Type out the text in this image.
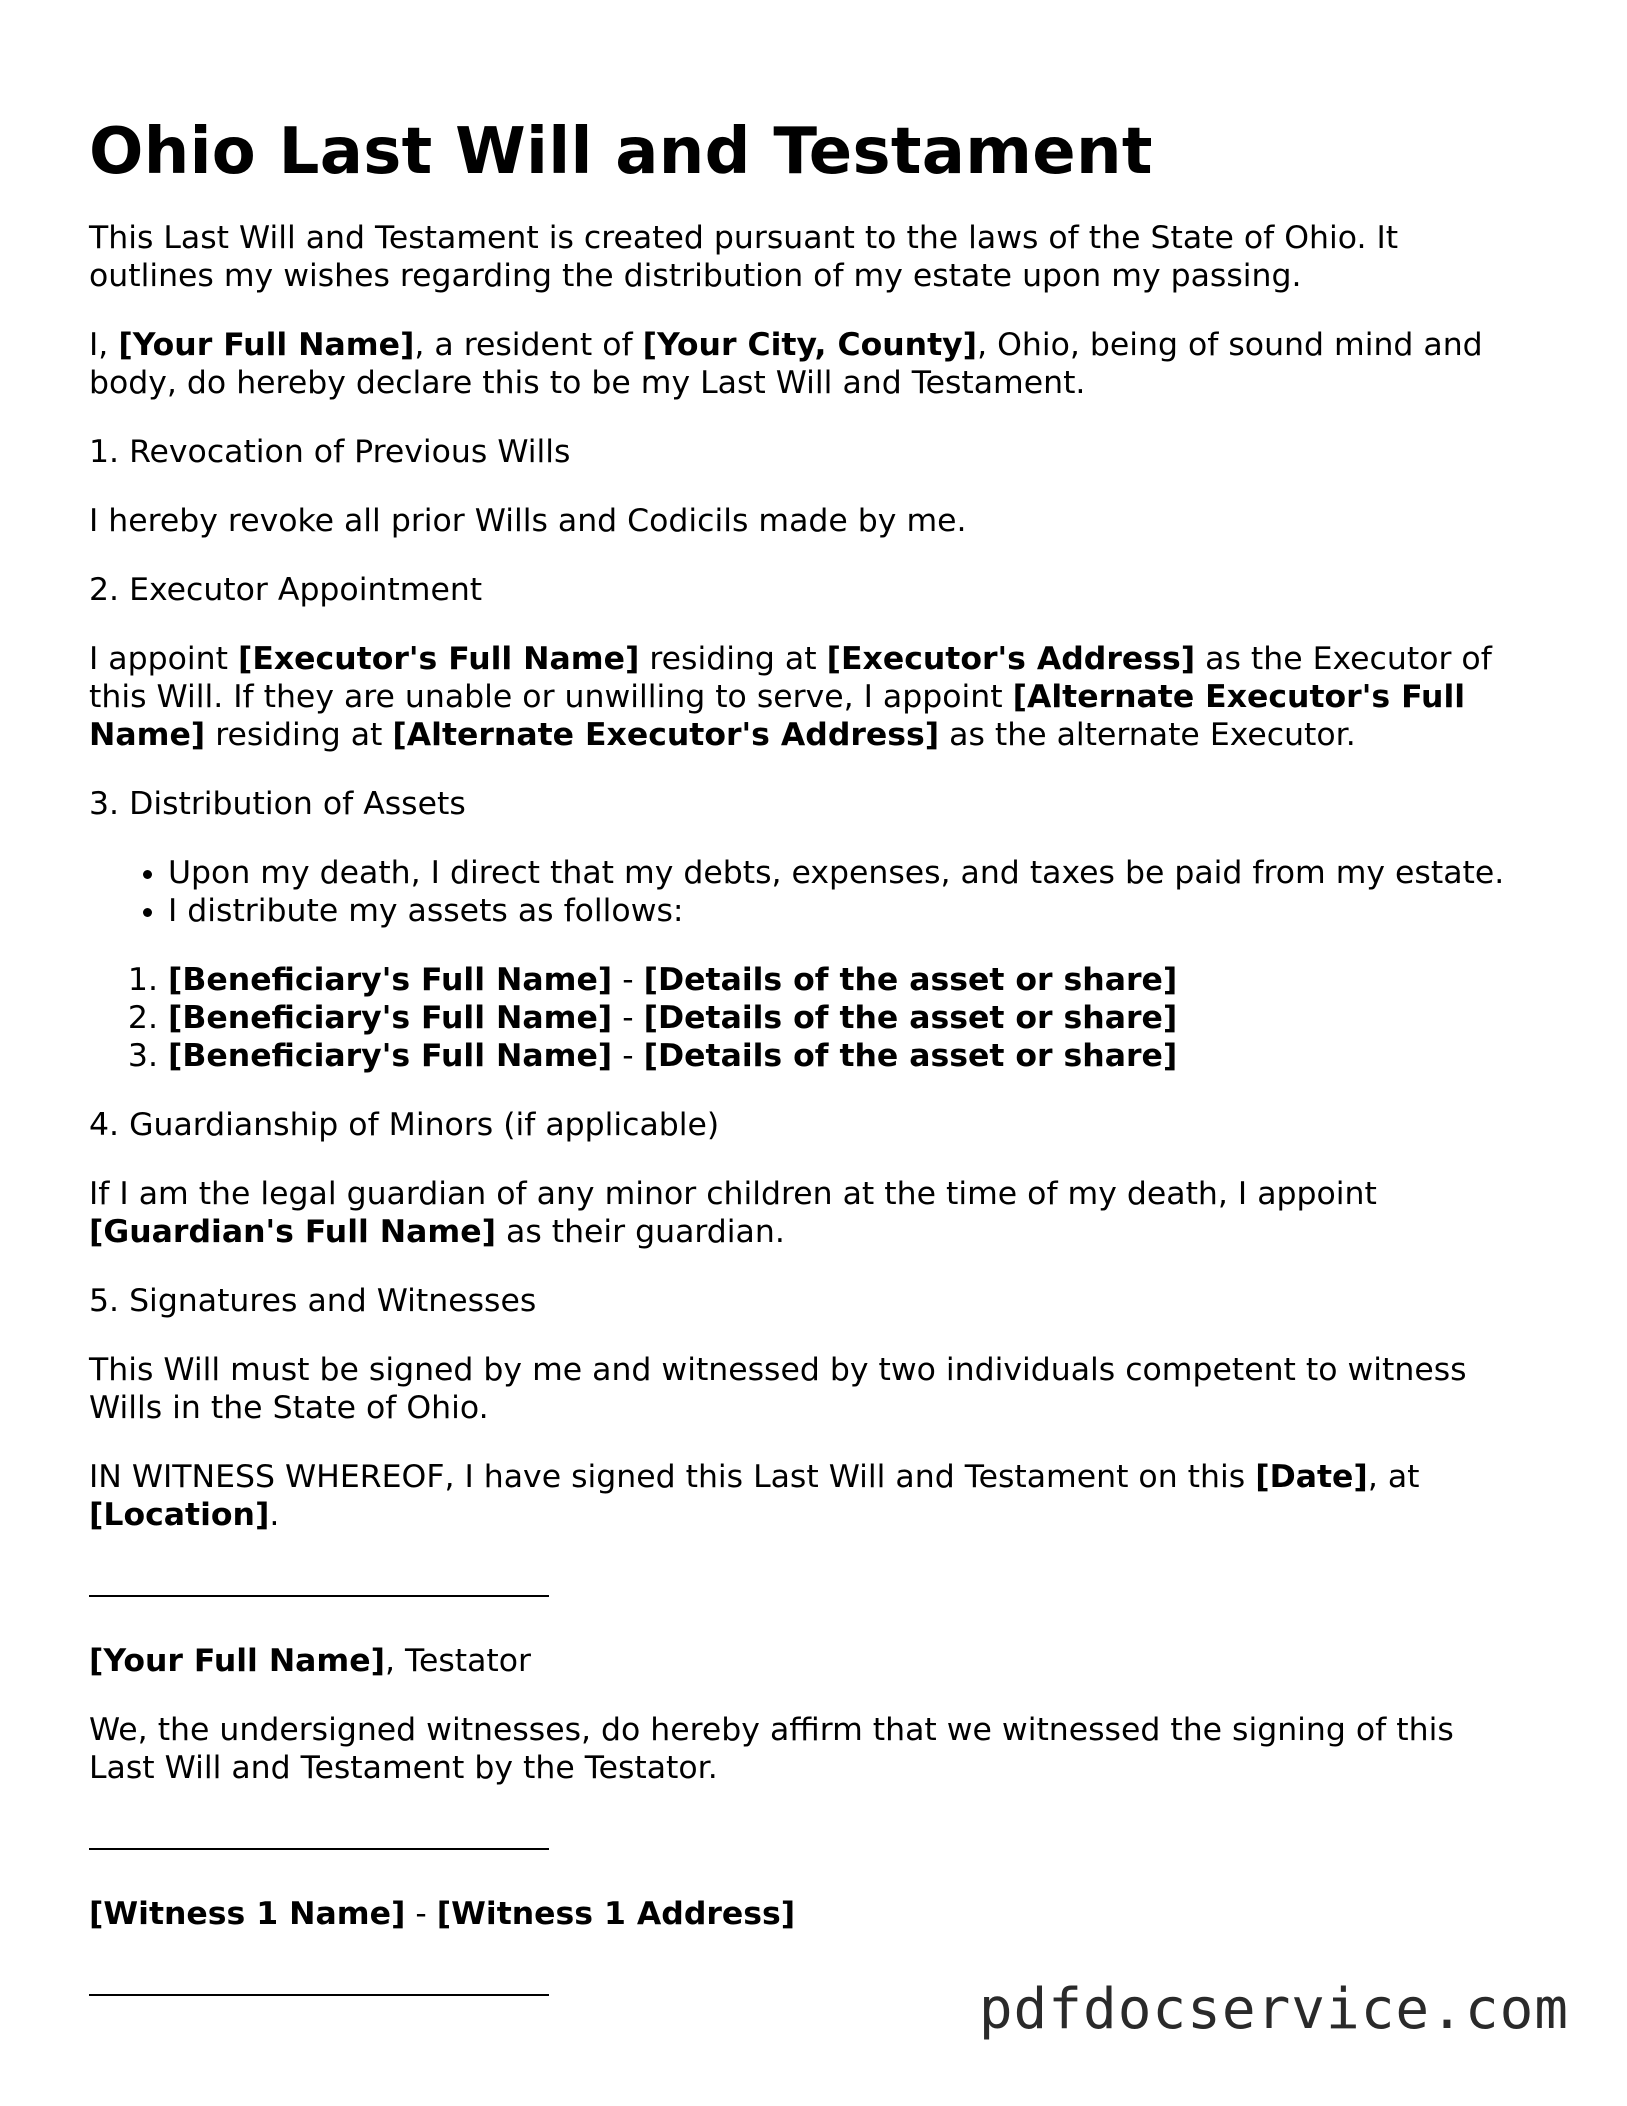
Ohio Last Will and Testament

This Last Will and Testament is created pursuant to the laws of the State of Ohio. It outlines my wishes regarding the distribution of my estate upon my passing.

I, [Your Full Name], a resident of [Your City, County], Ohio, being of sound mind and body, do hereby declare this to be my Last Will and Testament.

1. Revocation of Previous Wills

I hereby revoke all prior Wills and Codicils made by me.

2. Executor Appointment

I appoint [Executor's Full Name] residing at [Executor's Address] as the Executor of this Will. If they are unable or unwilling to serve, I appoint [Alternate Executor's Full Name] residing at [Alternate Executor's Address] as the alternate Executor.

3. Distribution of Assets

• Upon my death, I direct that my debts, expenses, and taxes be paid from my estate.
• I distribute my assets as follows:
1. [Beneficiary's Full Name] - [Details of the asset or share]
2. [Beneficiary's Full Name] - [Details of the asset or share]
3. [Beneficiary's Full Name] - [Details of the asset or share]

4. Guardianship of Minors (if applicable)

If I am the legal guardian of any minor children at the time of my death, I appoint [Guardian's Full Name] as their guardian.

5. Signatures and Witnesses

This Will must be signed by me and witnessed by two individuals competent to witness Wills in the State of Ohio.

IN WITNESS WHEREOF, I have signed this Last Will and Testament on this [Date], at [Location].

[Your Full Name], Testator

We, the undersigned witnesses, do hereby affirm that we witnessed the signing of this Last Will and Testament by the Testator.

[Witness 1 Name] - [Witness 1 Address]

pdfdocservice.com
